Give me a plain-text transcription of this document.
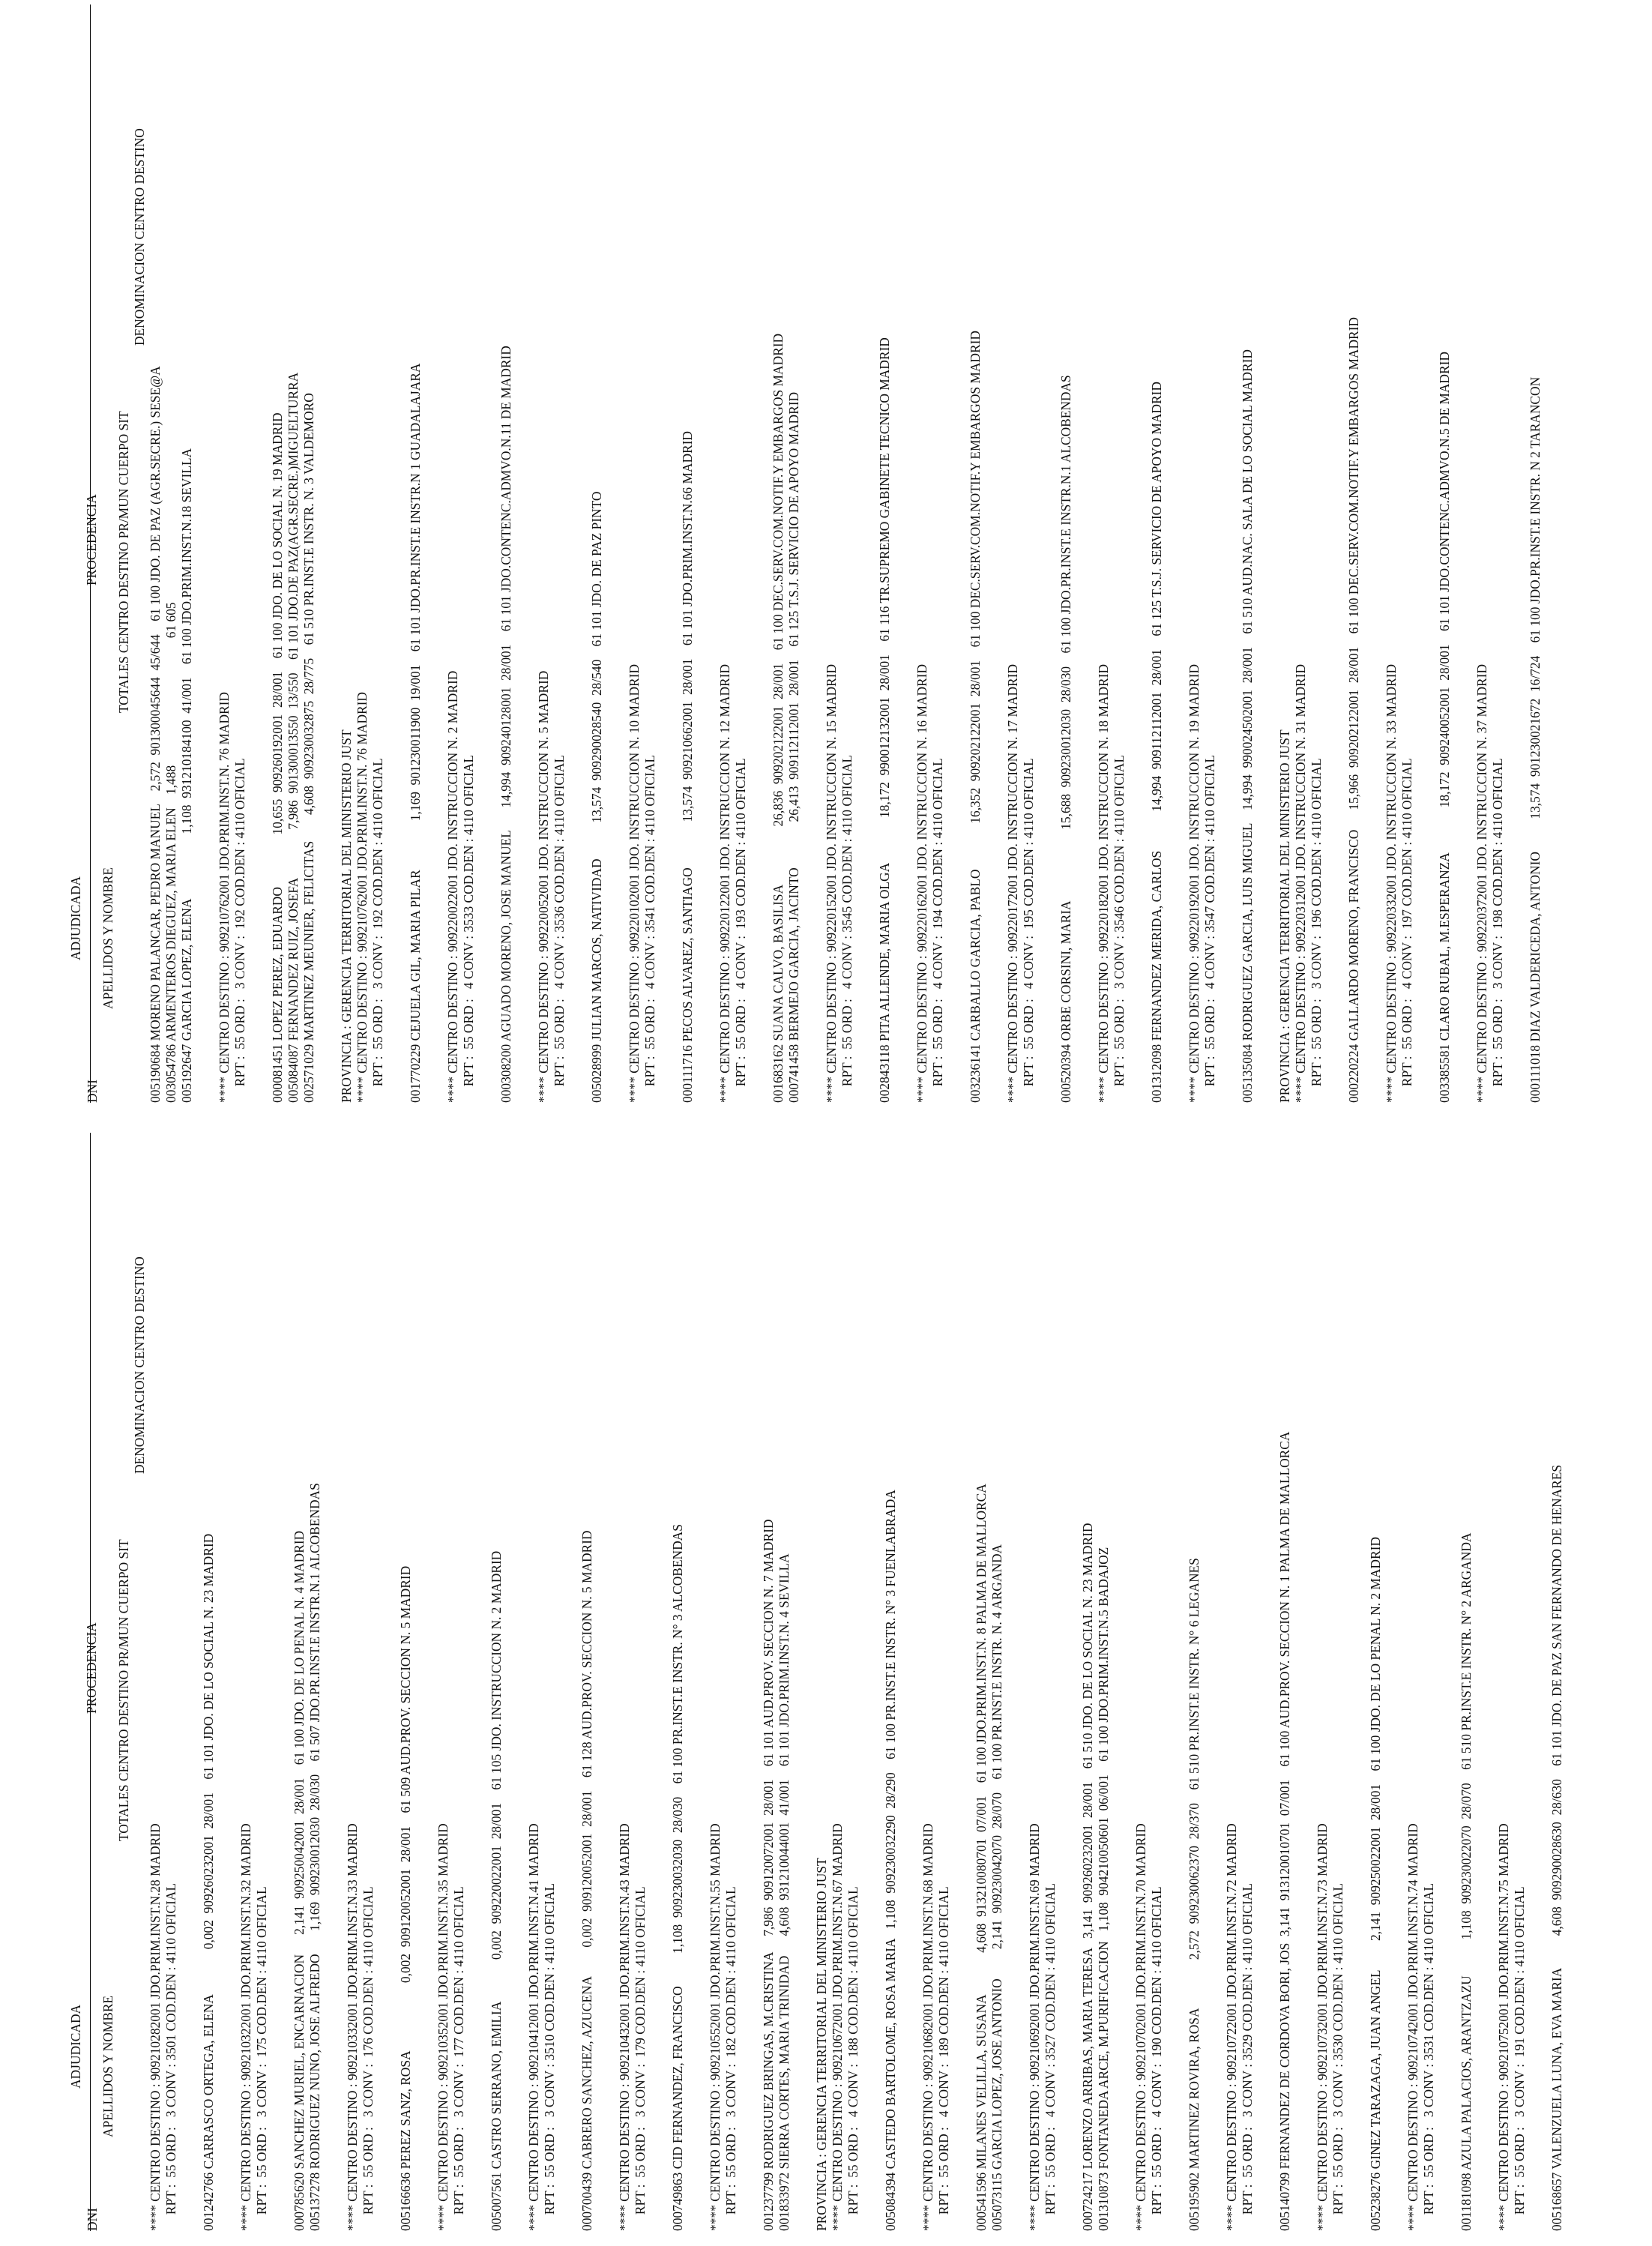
ADJUDICADA

PROCEDENCIA

DNI

APELLIDOS Y NOMBRE

TOTALES CENTRO DESTINO PR/MUN CUERPO SIT

DENOMINACION CENTRO DESTINO

**** CENTRO DESTINO : 909210282001 JDO.PRIM.INST.N.28 MADRID RPT :  55 ORD :   3 CONV : 3501 COD.DEN : 4110 OFICIAL 001242766 CARRASCO ORTEGA, ELENA              0,002  909260232001  28/001    61 101 JDO. DE LO SOCIAL N. 23 MADRID **** CENTRO DESTINO : 909210322001 JDO.PRIM.INST.N.32 MADRID RPT :  55 ORD :   3 CONV :  175 COD.DEN : 4110 OFICIAL 000785620 SANCHEZ MURIEL, ENCARNACION      2,141  909250042001  28/001    61 100 JDO. DE LO PENAL N. 4 MADRID 005137278 RODRIGUEZ NUNO, JOSE ALFREDO       1,169  909230012030  28/030    61 507 JDO.PR.INST.E INSTR.N.1 ALCOBENDAS **** CENTRO DESTINO : 909210332001 JDO.PRIM.INST.N.33 MADRID RPT :  55 ORD :   3 CONV :  176 COD.DEN : 4110 OFICIAL 005166636 PEREZ SANZ, ROSA                     0,002  909120052001  28/001    61 509 AUD.PROV. SECCION N. 5 MADRID **** CENTRO DESTINO : 909210352001 JDO.PRIM.INST.N.35 MADRID RPT :  55 ORD :   3 CONV :  177 COD.DEN : 4110 OFICIAL 005007561 CASTRO SERRANO, EMILIA             0,002  909220022001  28/001    61 105 JDO. INSTRUCCION N. 2 MADRID **** CENTRO DESTINO : 909210412001 JDO.PRIM.INST.N.41 MADRID RPT :  55 ORD :   3 CONV : 3510 COD.DEN : 4110 OFICIAL 000700439 CABRERO SANCHEZ, AZUCENA         0,002  909120052001  28/001    61 128 AUD.PROV. SECCION N. 5 MADRID **** CENTRO DESTINO : 909210432001 JDO.PRIM.INST.N.43 MADRID RPT :  55 ORD :   3 CONV :  179 COD.DEN : 4110 OFICIAL 000749863 CID FERNANDEZ, FRANCISCO          1,108  909230032030  28/030    61 100 PR.INST.E INSTR. N° 3 ALCOBENDAS **** CENTRO DESTINO : 909210552001 JDO.PRIM.INST.N.55 MADRID RPT :  55 ORD :   3 CONV :  182 COD.DEN : 4110 OFICIAL 001237799 RODRIGUEZ BRINGAS, M.CRISTINA     7,986  909120072001  28/001    61 101 AUD.PROV. SECCION N. 7 MADRID 001833972 SIERRA CORTES, MARIA TRINIDAD      4,608  931210044001  41/001    61 101 JDO.PRIM.INST.N. 4 SEVILLA PROVINCIA : GERENCIA TERRITORIAL DEL MINISTERIO JUST **** CENTRO DESTINO : 909210672001 JDO.PRIM.INST.N.67 MADRID RPT :  55 ORD :   4 CONV :  188 COD.DEN : 4110 OFICIAL 005084394 CASTEDO BARTOLOME, ROSA MARIA   1,108  909230032290  28/290    61 100 PR.INST.E INSTR. N° 3 FUENLABRADA **** CENTRO DESTINO : 909210682001 JDO.PRIM.INST.N.68 MADRID RPT :  55 ORD :   4 CONV :  189 COD.DEN : 4110 OFICIAL 000541596 MILANES VELILLA, SUSANA             4,608  913210080701  07/001    61 100 JDO.PRIM.INST.N. 8 PALMA DE MALLORCA 005073115 GARCIA LOPEZ, JOSE ANTONIO         2,141  909230042070  28/070    61 100 PR.INST.E INSTR. N. 4 ARGANDA **** CENTRO DESTINO : 909210692001 JDO.PRIM.INST.N.69 MADRID RPT :  55 ORD :   4 CONV : 3527 COD.DEN : 4110 OFICIAL 000724217 LORENZO ARRIBAS, MARIA TERESA   3,141  909260232001  28/001    61 510 JDO. DE LO SOCIAL N. 23 MADRID 001310873 FONTANEDA ARCE, M.PURIFICACION   1,108  904210050601  06/001    61 100 JDO.PRIM.INST.N.5 BADAJOZ **** CENTRO DESTINO : 909210702001 JDO.PRIM.INST.N.70 MADRID RPT :  55 ORD :   4 CONV :  190 COD.DEN : 4110 OFICIAL 005195902 MARTINEZ ROVIRA, ROSA               2,572  909230062370  28/370    61 510 PR.INST.E INSTR. N° 6 LEGANES **** CENTRO DESTINO : 909210722001 JDO.PRIM.INST.N.72 MADRID RPT :  55 ORD :   3 CONV : 3529 COD.DEN : 4110 OFICIAL 005140799 FERNANDEZ DE CORDOVA BORI, JOS  3,141  913120010701  07/001    61 100 AUD.PROV. SECCION N. 1 PALMA DE MALLORCA **** CENTRO DESTINO : 909210732001 JDO.PRIM.INST.N.73 MADRID RPT :  55 ORD :   3 CONV : 3530 COD.DEN : 4110 OFICIAL 005238276 GINEZ TARAZAGA, JUAN ANGEL         2,141  909250022001  28/001    61 100 JDO. DE LO PENAL N. 2 MADRID **** CENTRO DESTINO : 909210742001 JDO.PRIM.INST.N.74 MADRID RPT :  55 ORD :   3 CONV : 3531 COD.DEN : 4110 OFICIAL 001181098 AZULA PALACIOS, ARANTZAZU           1,108  909230022070  28/070    61 510 PR.INST.E INSTR. N° 2 ARGANDA **** CENTRO DESTINO : 909210752001 JDO.PRIM.INST.N.75 MADRID RPT :  55 ORD :   3 CONV :  191 COD.DEN : 4110 OFICIAL 005168657 VALENZUELA LUNA, EVA MARIA          4,608  909290028630  28/630    61 101 JDO. DE PAZ SAN FERNANDO DE HENARES

ADJUDICADA

PROCEDENCIA

DNI

APELLIDOS Y NOMBRE

TOTALES CENTRO DESTINO PR/MUN CUERPO SIT

DENOMINACION CENTRO DESTINO

005190684 MORENO PALANCAR, PEDRO MANUEL    2,572  901300045644  45/644    61 100 JDO. DE PAZ (AGR.SECRE.) SESE@A 003054786 ARMENTEROS DIEGUEZ, MARIA ELEN    1,488                                       61 605 005192647 GARCIA LOPEZ, ELENA                    1,108  931210184100  41/001    61 100 JDO.PRIM.INST.N.18 SEVILLA **** CENTRO DESTINO : 909210762001 JDO.PRIM.INST.N. 76 MADRID RPT :  55 ORD :   3 CONV :  192 COD.DEN : 4110 OFICIAL 000081451 LOPEZ PEREZ, EDUARDO                10,655  909260192001  28/001    61 100 JDO. DE LO SOCIAL N. 19 MADRID 005084087 FERNANDEZ RUIZ, JOSEFA               7,986  901300013550  13/550    61 101 JDO.DE PAZ(AGR.SECRE.)MIGUELTURRA 002571029 MARTINEZ MEUNIER, FELICITAS        4,608  909230032875  28/775    61 510 PR.INST.E INSTR. N. 3 VALDEMORO PROVINCIA : GERENCIA TERRITORIAL DEL MINISTERIO JUST **** CENTRO DESTINO : 909210762001 JDO.PRIM.INST.N. 76 MADRID RPT :  55 ORD :   3 CONV :  192 COD.DEN : 4110 OFICIAL 001770229 CEJUELA GIL, MARIA PILAR               1,169  901230011900  19/001    61 101 JDO.PR.INST.E INSTR.N 1 GUADALAJARA **** CENTRO DESTINO : 909220022001 JDO. INSTRUCCION N. 2 MADRID RPT :  55 ORD :   4 CONV : 3533 COD.DEN : 4110 OFICIAL 000308200 AGUADO MORENO, JOSE MANUEL       14,994  909240128001  28/001    61 101 JDO.CONTENC.ADMVO.N.11 DE MADRID **** CENTRO DESTINO : 909220052001 JDO. INSTRUCCION N. 5 MADRID RPT :  55 ORD :   4 CONV : 3536 COD.DEN : 4110 OFICIAL 005028999 JULIAN MARCOS, NATIVIDAD           13,574  909290028540  28/540    61 101 JDO. DE PAZ PINTO **** CENTRO DESTINO : 909220102001 JDO. INSTRUCCION N. 10 MADRID RPT :  55 ORD :   4 CONV : 3541 COD.DEN : 4110 OFICIAL 000111716 PECOS ALVAREZ, SANTIAGO              13,574  909210662001  28/001    61 101 JDO.PRIM.INST.N.66 MADRID **** CENTRO DESTINO : 909220122001 JDO. INSTRUCCION N. 12 MADRID RPT :  55 ORD :   4 CONV :  193 COD.DEN : 4110 OFICIAL 001683162 SUANA CALVO, BASILISA                  26,836  909202122001  28/001    61 100 DEC.SERV.COM.NOTIF.Y EMBARGOS MADRID 000741458 BERMEJO GARCIA, JACINTO              26,413  909112112001  28/001    61 125 T.S.J. SERVICIO DE APOYO MADRID **** CENTRO DESTINO : 909220152001 JDO. INSTRUCCION N. 15 MADRID RPT :  55 ORD :   4 CONV : 3545 COD.DEN : 4110 OFICIAL 002843118 PITA ALLENDE, MARIA OLGA              18,172  990012132001  28/001    61 116 TR.SUPREMO GABINETE TECNICO MADRID **** CENTRO DESTINO : 909220162001 JDO. INSTRUCCION N. 16 MADRID RPT :  55 ORD :   4 CONV :  194 COD.DEN : 4110 OFICIAL 003236141 CARBALLO GARCIA, PABLO              16,352  909202122001  28/001    61 100 DEC.SERV.COM.NOTIF.Y EMBARGOS MADRID **** CENTRO DESTINO : 909220172001 JDO. INSTRUCCION N. 17 MADRID RPT :  55 ORD :   4 CONV :  195 COD.DEN : 4110 OFICIAL 000520394 ORBE CORSINI, MARIA                      15,688  909230012030  28/030    61 100 JDO.PR.INST.E INSTR.N.1 ALCOBENDAS **** CENTRO DESTINO : 909220182001 JDO. INSTRUCCION N. 18 MADRID RPT :  55 ORD :   3 CONV : 3546 COD.DEN : 4110 OFICIAL 001312098 FERNANDEZ MERIDA, CARLOS            14,994  909112112001  28/001    61 125 T.S.J. SERVICIO DE APOYO MADRID **** CENTRO DESTINO : 909220192001 JDO. INSTRUCCION N. 19 MADRID RPT :  55 ORD :   4 CONV : 3547 COD.DEN : 4110 OFICIAL 005135084 RODRIGUEZ GARCIA, LUIS MIGUEL    14,994  990024502001  28/001    61 510 AUD.NAC. SALA DE LO SOCIAL MADRID PROVINCIA : GERENCIA TERRITORIAL DEL MINISTERIO JUST **** CENTRO DESTINO : 909220312001 JDO. INSTRUCCION N. 31 MADRID RPT :  55 ORD :   3 CONV :  196 COD.DEN : 4110 OFICIAL 000220224 GALLARDO MORENO, FRANCISCO      15,966  909202122001  28/001    61 100 DEC.SERV.COM.NOTIF.Y EMBARGOS MADRID **** CENTRO DESTINO : 909220332001 JDO. INSTRUCCION N. 33 MADRID RPT :  55 ORD :   4 CONV :  197 COD.DEN : 4110 OFICIAL 003385581 CLARO RUBAL, M.ESPERANZA              18,172  909240052001  28/001    61 101 JDO.CONTENC.ADMVO.N.5 DE MADRID **** CENTRO DESTINO : 909220372001 JDO. INSTRUCCION N. 37 MADRID RPT :  55 ORD :   3 CONV :  198 COD.DEN : 4110 OFICIAL 000111018 DIAZ VALDERICEDA, ANTONIO          13,574  901230021672  16/724    61 100 JDO.PR.INST.E INSTR. N 2 TARANCON
